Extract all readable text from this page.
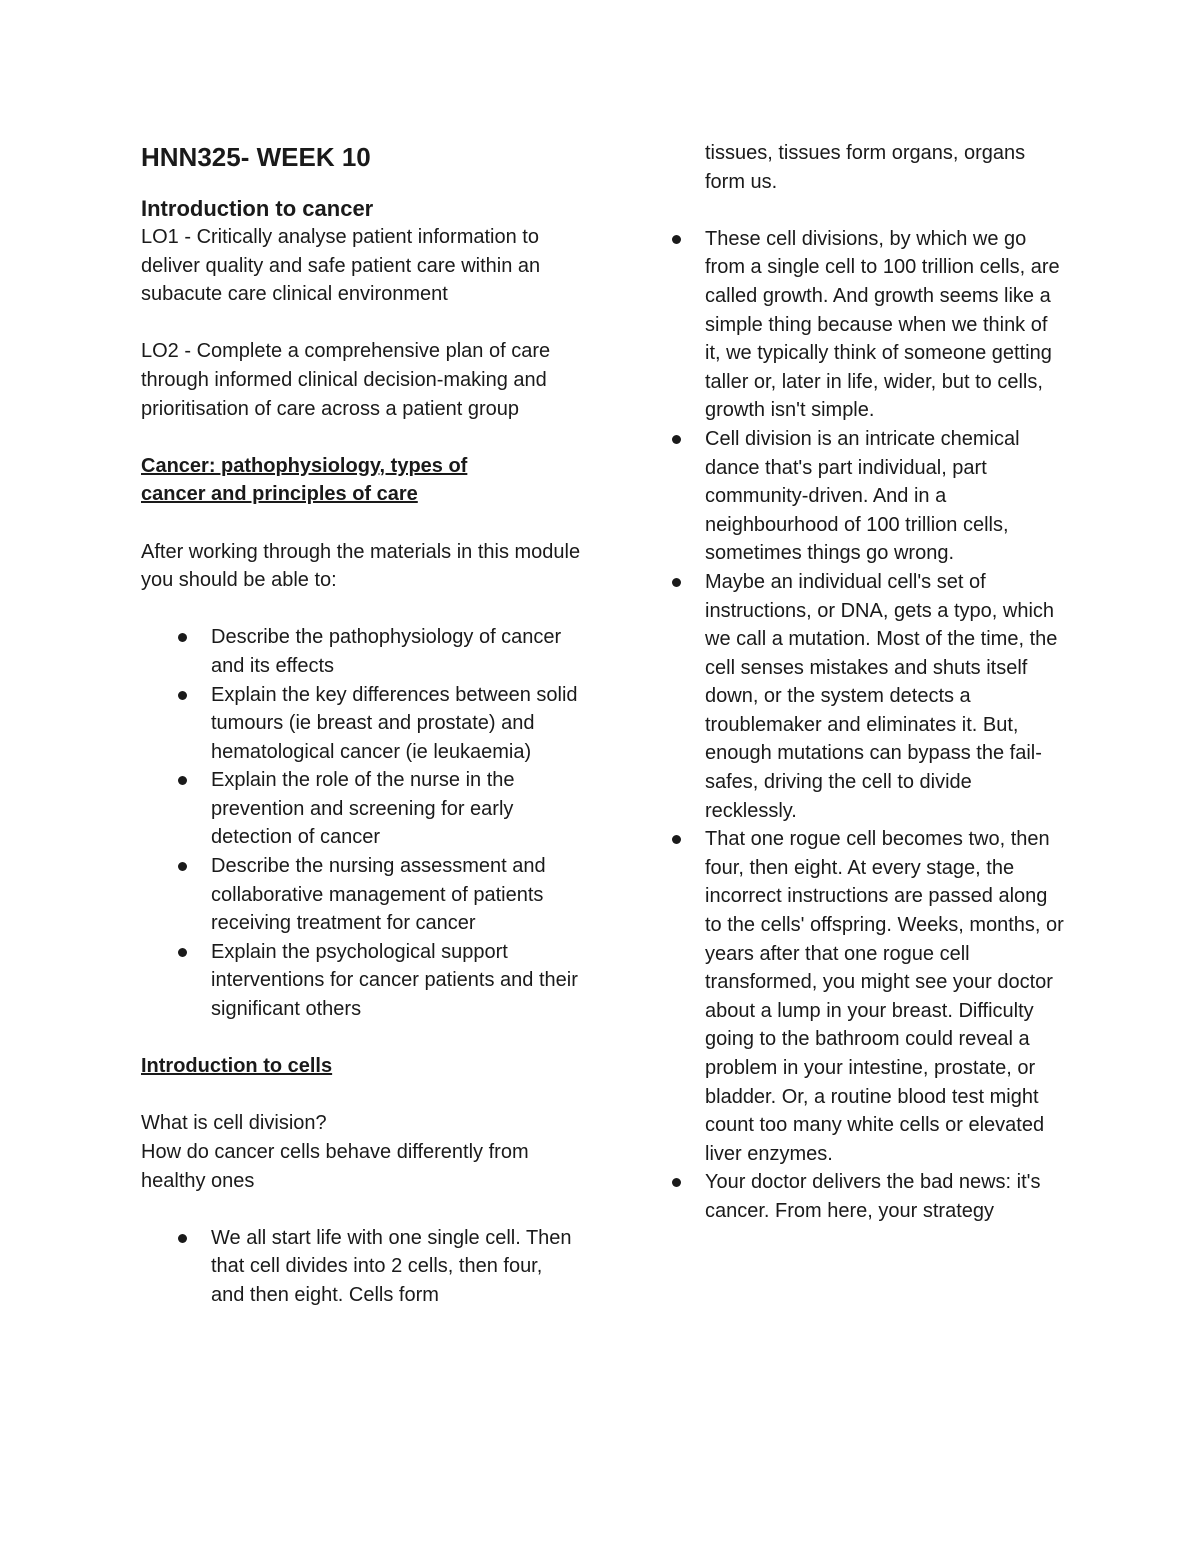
HNN325- WEEK 10
Introduction to cancer

LO1 - Critically analyse patient information to deliver quality and safe patient care within an subacute care clinical environment

LO2 - Complete a comprehensive plan of care through informed clinical decision-making and prioritisation of care across a patient group

Cancer: pathophysiology, types of
cancer and principles of care

After working through the materials in this module you should be able to:

Describe the pathophysiology of cancer and its effects
Explain the key differences between solid tumours (ie breast and prostate) and hematological cancer (ie leukaemia)
Explain the role of the nurse in the prevention and screening for early detection of cancer
Describe the nursing assessment and collaborative management of patients receiving treatment for cancer
Explain the psychological support interventions for cancer patients and their significant others

Introduction to cells

What is cell division?

How do cancer cells behave differently from healthy ones

We all start life with one single cell. Then that cell divides into 2 cells, then four, and then eight. Cells form

tissues, tissues form organs, organs form us.

These cell divisions, by which we go from a single cell to 100 trillion cells, are called growth. And growth seems like a simple thing because when we think of it, we typically think of someone getting taller or, later in life, wider, but to cells, growth isn't simple.
Cell division is an intricate chemical dance that's part individual, part community-driven. And in a neighbourhood of 100 trillion cells, sometimes things go wrong.
Maybe an individual cell's set of instructions, or DNA, gets a typo, which we call a mutation. Most of the time, the cell senses mistakes and shuts itself down, or the system detects a troublemaker and eliminates it. But, enough mutations can bypass the fail-safes, driving the cell to divide recklessly.
That one rogue cell becomes two, then four, then eight. At every stage, the incorrect instructions are passed along to the cells' offspring. Weeks, months, or years after that one rogue cell transformed, you might see your doctor about a lump in your breast. Difficulty going to the bathroom could reveal a problem in your intestine, prostate, or bladder. Or, a routine blood test might count too many white cells or elevated liver enzymes.
Your doctor delivers the bad news: it's cancer. From here, your strategy
